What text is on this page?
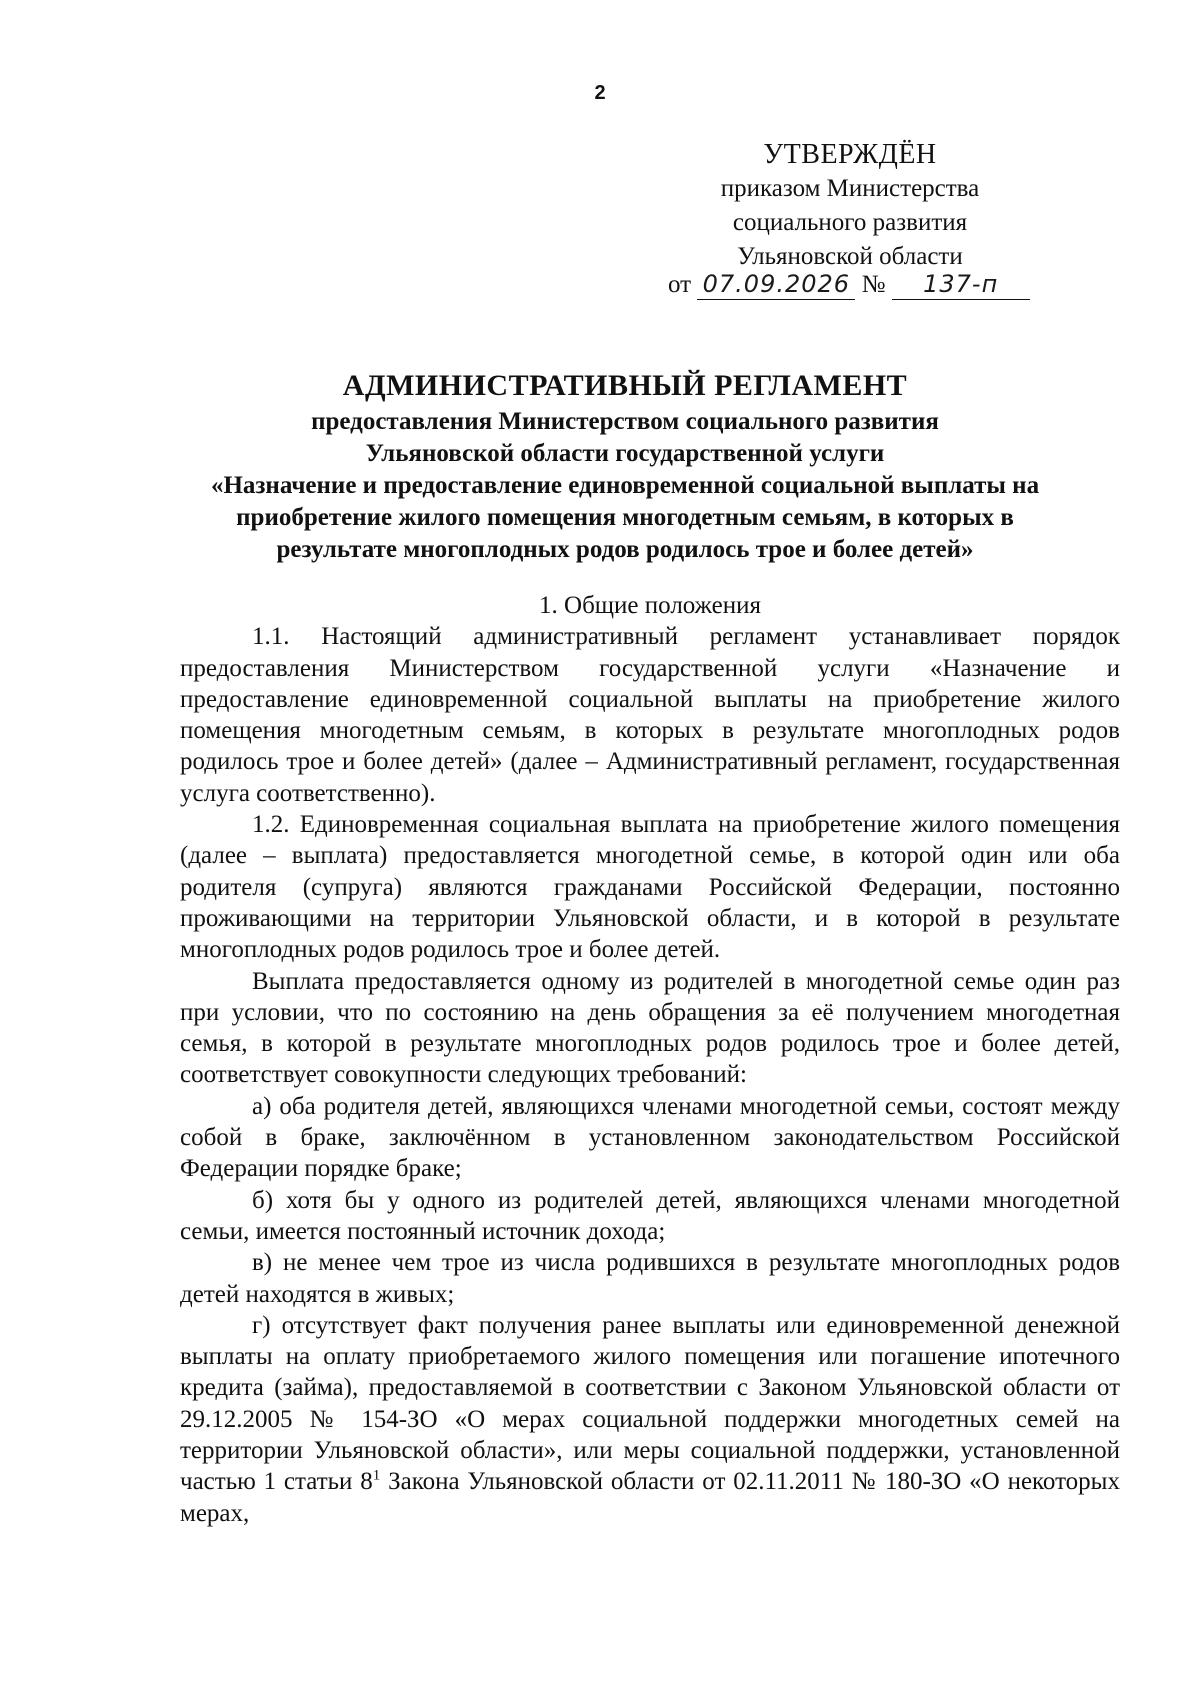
2
УТВЕРЖДЁН
приказом Министерства
социального развития
Ульяновской области
от 07.09.2026 № 137-п
АДМИНИСТРАТИВНЫЙ РЕГЛАМЕНТ
предоставления Министерством социального развития
Ульяновской области государственной услуги
«Назначение и предоставление единовременной социальной выплаты на
приобретение жилого помещения многодетным семьям, в которых в
результате многоплодных родов родилось трое и более детей»
1. Общие положения

1.1. Настоящий административный регламент устанавливает порядок предоставления Министерством государственной услуги «Назначение и предоставление единовременной социальной выплаты на приобретение жилого помещения многодетным семьям, в которых в результате многоплодных родов родилось трое и более детей» (далее – Административный регламент, государственная услуга соответственно).

1.2. Единовременная социальная выплата на приобретение жилого помещения (далее – выплата) предоставляется многодетной семье, в которой один или оба родителя (супруга) являются гражданами Российской Федерации, постоянно проживающими на территории Ульяновской области, и в которой в результате многоплодных родов родилось трое и более детей.

Выплата предоставляется одному из родителей в многодетной семье один раз при условии, что по состоянию на день обращения за её получением многодетная семья, в которой в результате многоплодных родов родилось трое и более детей, соответствует совокупности следующих требований:

а) оба родителя детей, являющихся членами многодетной семьи, состоят между собой в браке, заключённом в установленном законодательством Российской Федерации порядке браке;

б) хотя бы у одного из родителей детей, являющихся членами многодетной семьи, имеется постоянный источник дохода;

в) не менее чем трое из числа родившихся в результате многоплодных родов детей находятся в живых;

г) отсутствует факт получения ранее выплаты или единовременной денежной выплаты на оплату приобретаемого жилого помещения или погашение ипотечного кредита (займа), предоставляемой в соответствии с Законом Ульяновской области от 29.12.2005 № 154-ЗО «О мерах социальной поддержки многодетных семей на территории Ульяновской области», или меры социальной поддержки, установленной частью 1 статьи $8^1$ Закона Ульяновской области от 02.11.2011 № 180-ЗО «О некоторых мерах,
